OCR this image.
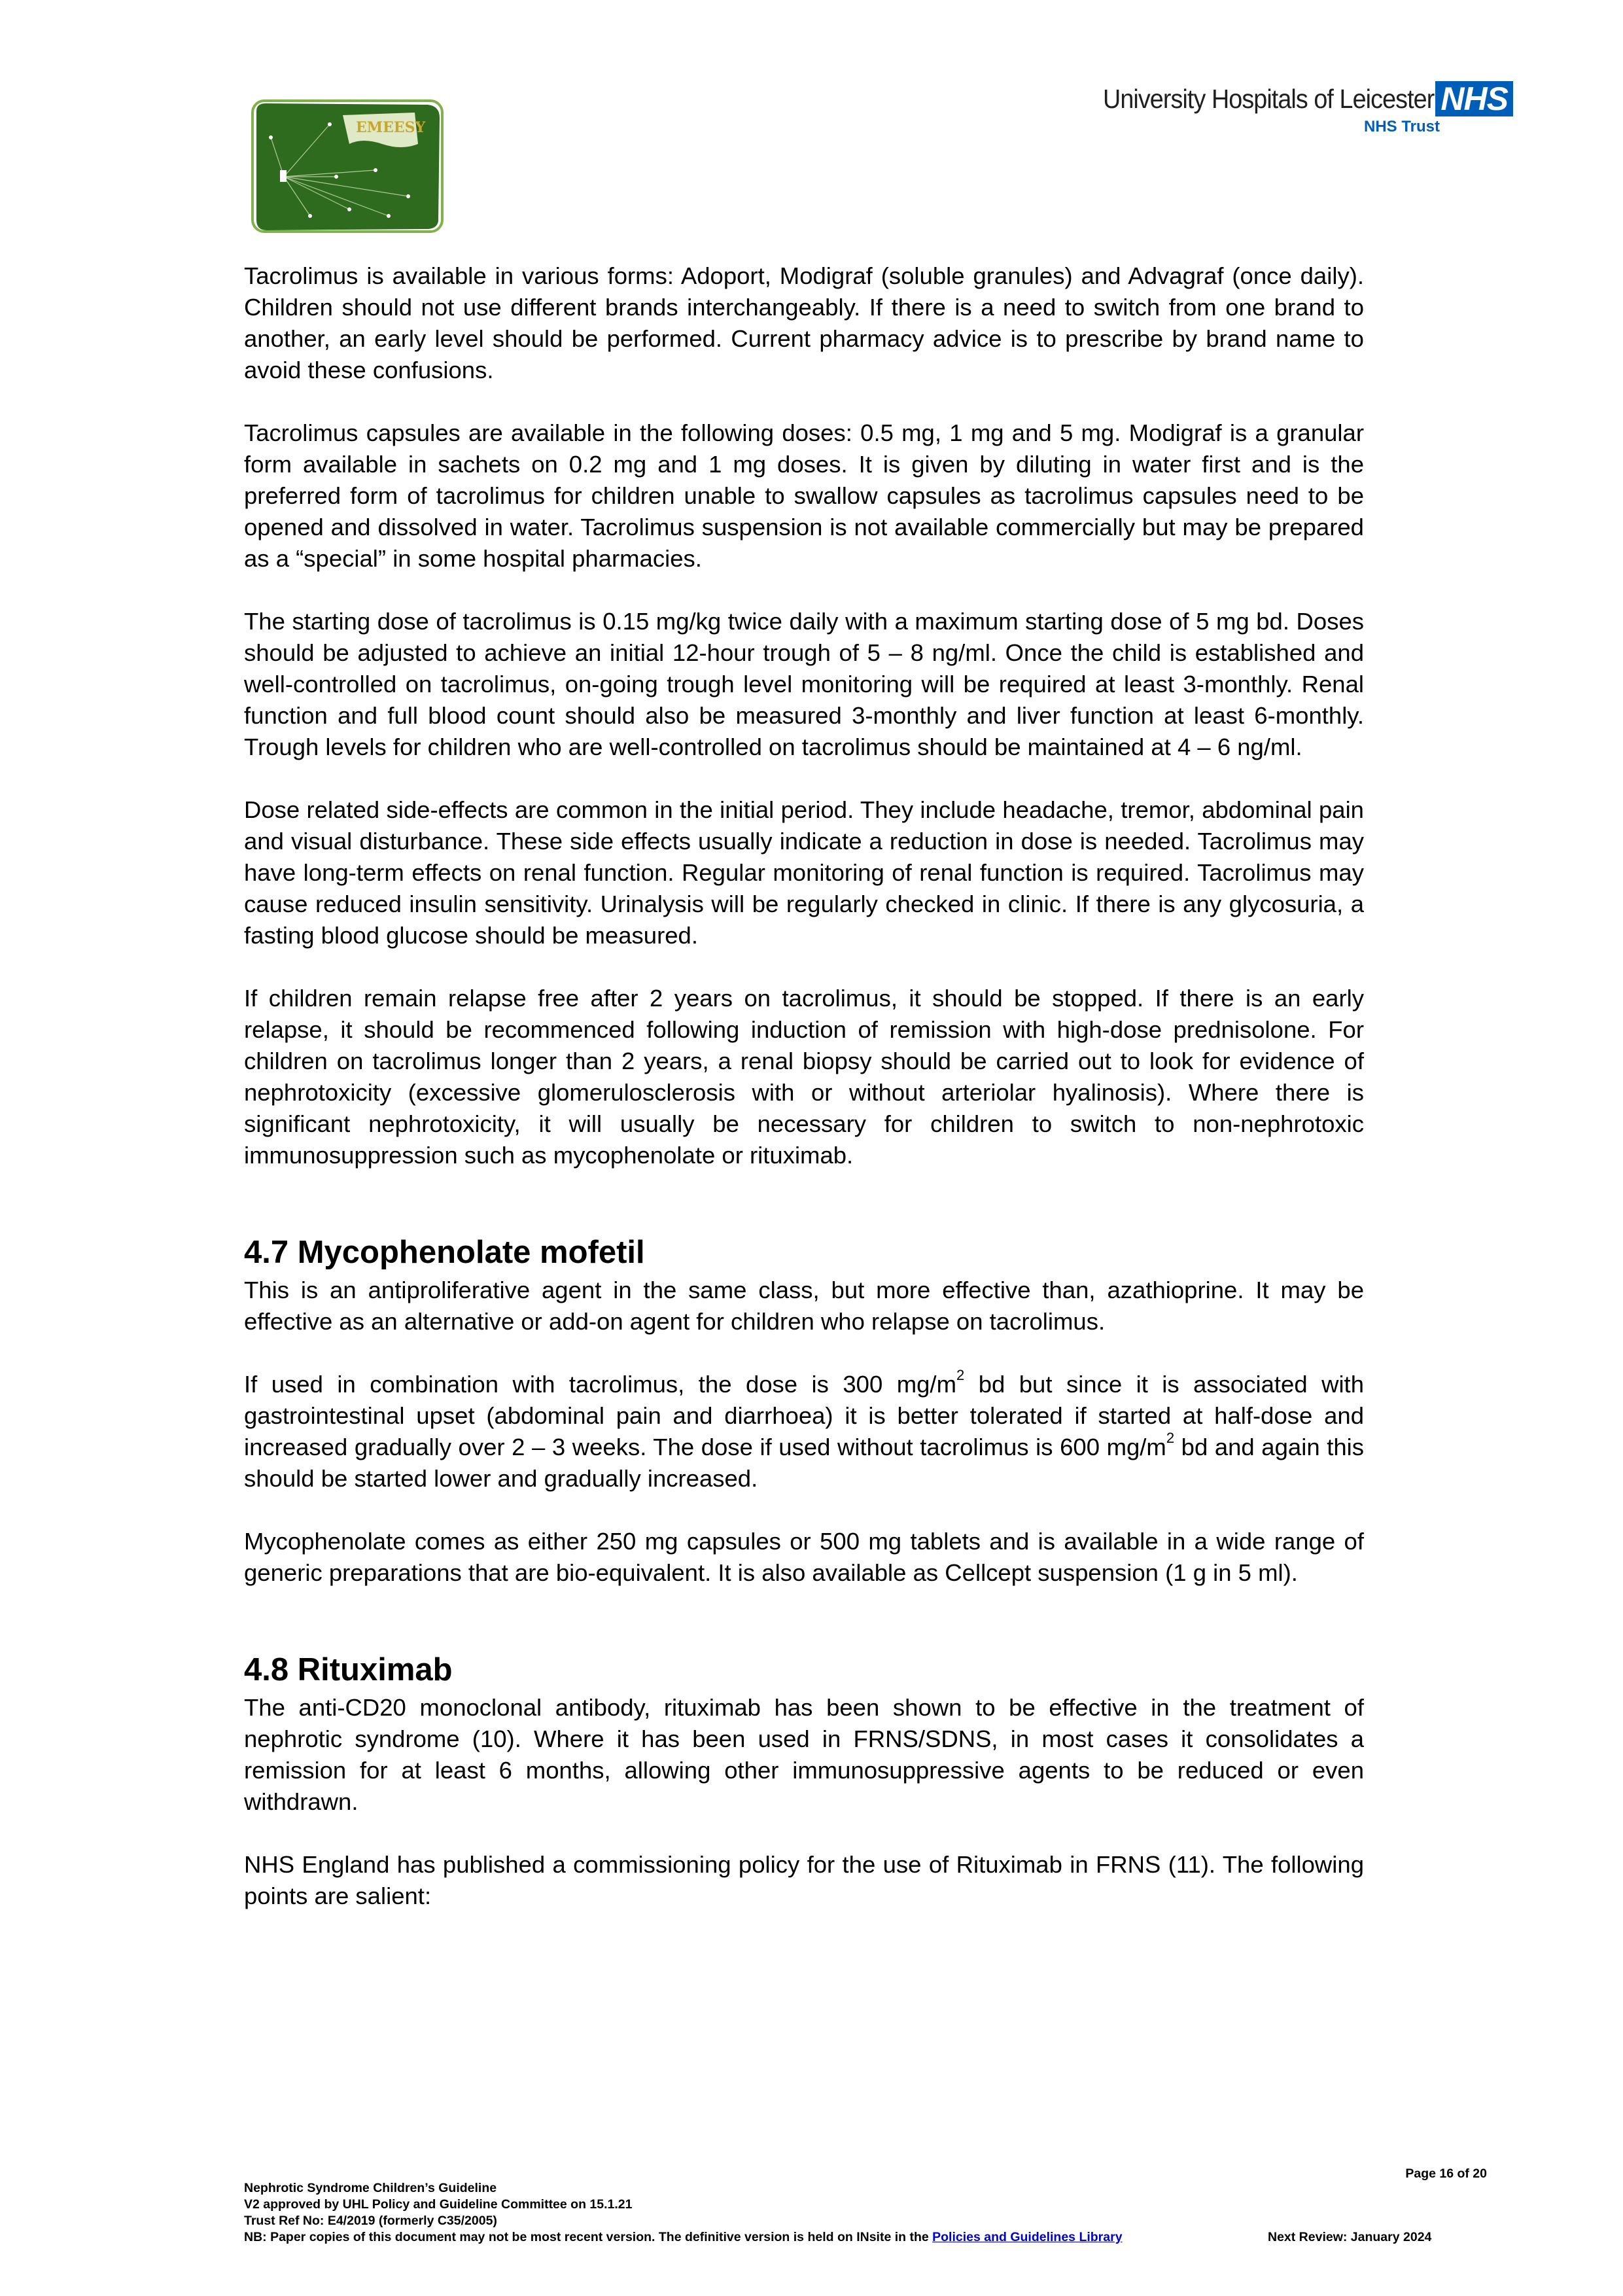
EMEESY
University Hospitals of Leicester NHS
NHS Trust

Tacrolimus is available in various forms: Adoport, Modigraf (soluble granules) and Advagraf (once daily). Children should not use different brands interchangeably. If there is a need to switch from one brand to another, an early level should be performed. Current pharmacy advice is to prescribe by brand name to avoid these confusions.

Tacrolimus capsules are available in the following doses: 0.5 mg, 1 mg and 5 mg. Modigraf is a granular form available in sachets on 0.2 mg and 1 mg doses. It is given by diluting in water first and is the preferred form of tacrolimus for children unable to swallow capsules as tacrolimus capsules need to be opened and dissolved in water. Tacrolimus suspension is not available commercially but may be prepared as a “special” in some hospital pharmacies.

The starting dose of tacrolimus is 0.15 mg/kg twice daily with a maximum starting dose of 5 mg bd. Doses should be adjusted to achieve an initial 12-hour trough of 5 – 8 ng/ml. Once the child is established and well-controlled on tacrolimus, on-going trough level monitoring will be required at least 3-monthly. Renal function and full blood count should also be measured 3-monthly and liver function at least 6-monthly. Trough levels for children who are well-controlled on tacrolimus should be maintained at 4 – 6 ng/ml.

Dose related side-effects are common in the initial period. They include headache, tremor, abdominal pain and visual disturbance. These side effects usually indicate a reduction in dose is needed. Tacrolimus may have long-term effects on renal function. Regular monitoring of renal function is required. Tacrolimus may cause reduced insulin sensitivity. Urinalysis will be regularly checked in clinic. If there is any glycosuria, a fasting blood glucose should be measured.

If children remain relapse free after 2 years on tacrolimus, it should be stopped. If there is an early relapse, it should be recommenced following induction of remission with high-dose prednisolone. For children on tacrolimus longer than 2 years, a renal biopsy should be carried out to look for evidence of nephrotoxicity (excessive glomerulosclerosis with or without arteriolar hyalinosis). Where there is significant nephrotoxicity, it will usually be necessary for children to switch to non-nephrotoxic immunosuppression such as mycophenolate or rituximab.

4.7 Mycophenolate mofetil

This is an antiproliferative agent in the same class, but more effective than, azathioprine. It may be effective as an alternative or add-on agent for children who relapse on tacrolimus.

If used in combination with tacrolimus, the dose is 300 $mg/m^2$ bd but since it is associated with gastrointestinal upset (abdominal pain and diarrhoea) it is better tolerated if started at half-dose and increased gradually over 2 – 3 weeks. The dose if used without tacrolimus is 600 $mg/m^2$ bd and again this should be started lower and gradually increased.

Mycophenolate comes as either 250 mg capsules or 500 mg tablets and is available in a wide range of generic preparations that are bio-equivalent. It is also available as Cellcept suspension (1 g in 5 ml).

4.8 Rituximab

The anti-CD20 monoclonal antibody, rituximab has been shown to be effective in the treatment of nephrotic syndrome (10). Where it has been used in FRNS/SDNS, in most cases it consolidates a remission for at least 6 months, allowing other immunosuppressive agents to be reduced or even withdrawn.

NHS England has published a commissioning policy for the use of Rituximab in FRNS (11). The following points are salient:

Page 16 of 20
Nephrotic Syndrome Children’s Guideline
V2 approved by UHL Policy and Guideline Committee on 15.1.21
Trust Ref No: E4/2019 (formerly C35/2005)
Next Review: January 2024
NB: Paper copies of this document may not be most recent version. The definitive version is held on INsite in the Policies and Guidelines Library
